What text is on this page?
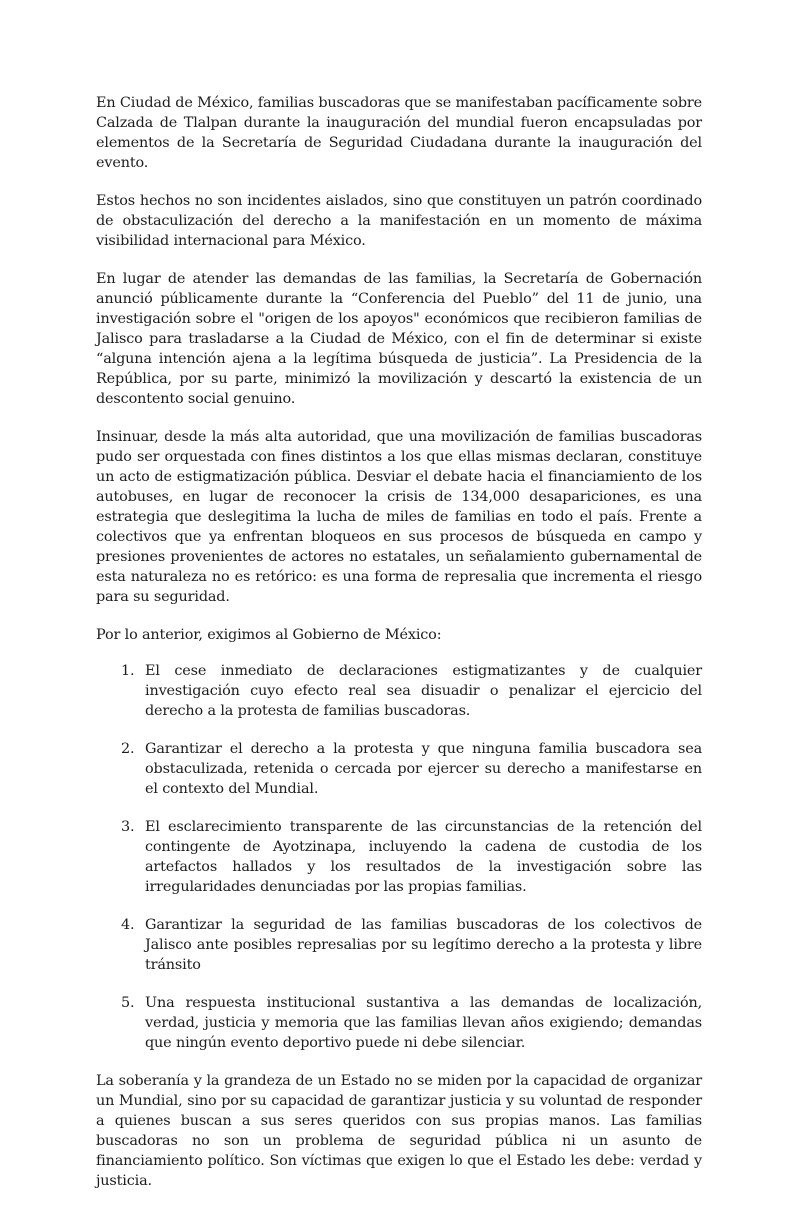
En Ciudad de México, familias buscadoras que se manifestaban pacíficamente sobre Calzada de Tlalpan durante la inauguración del mundial fueron encapsuladas por elementos de la Secretaría de Seguridad Ciudadana durante la inauguración del evento.

Estos hechos no son incidentes aislados, sino que constituyen un patrón coordinado de obstaculización del derecho a la manifestación en un momento de máxima visibilidad internacional para México.

En lugar de atender las demandas de las familias, la Secretaría de Gobernación anunció públicamente durante la “Conferencia del Pueblo” del 11 de junio, una investigación sobre el "origen de los apoyos" económicos que recibieron familias de Jalisco para trasladarse a la Ciudad de México, con el fin de determinar si existe “alguna intención ajena a la legítima búsqueda de justicia”. La Presidencia de la República, por su parte, minimizó la movilización y descartó la existencia de un descontento social genuino.

Insinuar, desde la más alta autoridad, que una movilización de familias buscadoras pudo ser orquestada con fines distintos a los que ellas mismas declaran, constituye un acto de estigmatización pública. Desviar el debate hacia el financiamiento de los autobuses, en lugar de reconocer la crisis de 134,000 desapariciones, es una estrategia que deslegitima la lucha de miles de familias en todo el país. Frente a colectivos que ya enfrentan bloqueos en sus procesos de búsqueda en campo y presiones provenientes de actores no estatales, un señalamiento gubernamental de esta naturaleza no es retórico: es una forma de represalia que incrementa el riesgo para su seguridad.

Por lo anterior, exigimos al Gobierno de México:

1. El cese inmediato de declaraciones estigmatizantes y de cualquier investigación cuyo efecto real sea disuadir o penalizar el ejercicio del derecho a la protesta de familias buscadoras.
2. Garantizar el derecho a la protesta y que ninguna familia buscadora sea obstaculizada, retenida o cercada por ejercer su derecho a manifestarse en el contexto del Mundial.
3. El esclarecimiento transparente de las circunstancias de la retención del contingente de Ayotzinapa, incluyendo la cadena de custodia de los artefactos hallados y los resultados de la investigación sobre las irregularidades denunciadas por las propias familias.
4. Garantizar la seguridad de las familias buscadoras de los colectivos de Jalisco ante posibles represalias por su legítimo derecho a la protesta y libre tránsito
5. Una respuesta institucional sustantiva a las demandas de localización, verdad, justicia y memoria que las familias llevan años exigiendo; demandas que ningún evento deportivo puede ni debe silenciar.

La soberanía y la grandeza de un Estado no se miden por la capacidad de organizar un Mundial, sino por su capacidad de garantizar justicia y su voluntad de responder a quienes buscan a sus seres queridos con sus propias manos. Las familias buscadoras no son un problema de seguridad pública ni un asunto de financiamiento político. Son víctimas que exigen lo que el Estado les debe: verdad y justicia.
